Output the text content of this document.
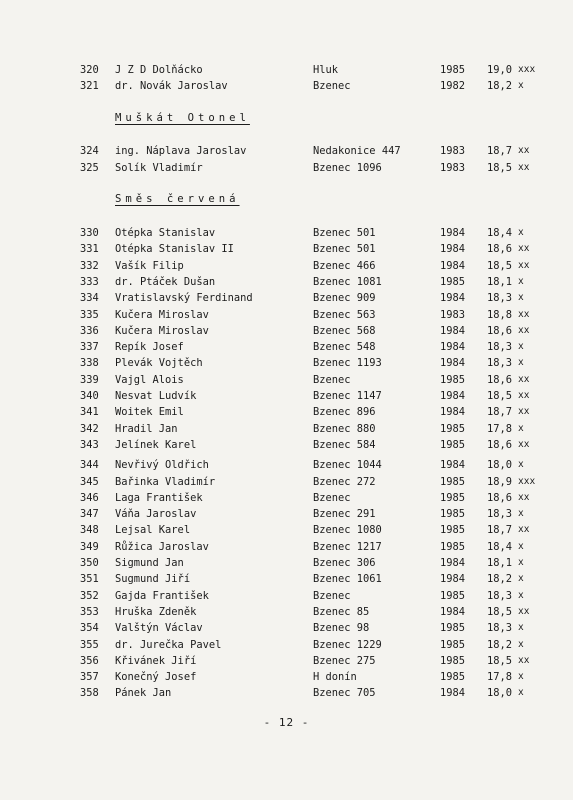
320 J Z D Dolňácko	Hluk	1985 19,0 xxx
321 dr. Novák Jaroslav	Bzenec	1982 18,2 x
Muškát Otonel
324 ing. Náplava Jaroslav	Nedakonice 447	1983 18,7 xx
325 Solík Vladimír	Bzenec 1096	1983 18,5 xx
Směs červená
330 Otépka Stanislav	Bzenec 501	1984 18,4 x
331 Otépka Stanislav II	Bzenec 501	1984 18,6 xx
332 Vašík Filip	Bzenec 466	1984 18,5 xx
333 dr. Ptáček Dušan	Bzenec 1081	1985 18,1 x
334 Vratislavský Ferdinand	Bzenec 909	1984 18,3 x
335 Kučera Miroslav	Bzenec 563	1983 18,8 xx
336 Kučera Miroslav	Bzenec 568	1984 18,6 xx
337 Repík Josef	Bzenec 548	1984 18,3 x
338 Plevák Vojtěch	Bzenec 1193	1984 18,3 x
339 Vajgl Alois	Bzenec	1985 18,6 xx
340 Nesvat Ludvík	Bzenec 1147	1984 18,5 xx
341 Woitek Emil	Bzenec 896	1984 18,7 xx
342 Hradil Jan	Bzenec 880	1985 17,8 x
343 Jelínek Karel	Bzenec 584	1985 18,6 xx
344 Nevřivý Oldřich	Bzenec 1044	1984 18,0 x
345 Bařinka Vladimír	Bzenec 272	1985 18,9 xxx
346 Laga František	Bzenec	1985 18,6 xx
347 Váňa Jaroslav	Bzenec 291	1985 18,3 x
348 Lejsal Karel	Bzenec 1080	1985 18,7 xx
349 Růžica Jaroslav	Bzenec 1217	1985 18,4 x
350 Sigmund Jan	Bzenec 306	1984 18,1 x
351 Sugmund Jiří	Bzenec 1061	1984 18,2 x
352 Gajda František	Bzenec	1985 18,3 x
353 Hruška Zdeněk	Bzenec 85	1984 18,5 xx
354 Valštýn Václav	Bzenec 98	1985 18,3 x
355 dr. Jurečka Pavel	Bzenec 1229	1985 18,2 x
356 Křivánek Jiří	Bzenec 275	1985 18,5 xx
357 Konečný Josef	H donín	1985 17,8 x
358 Pánek Jan	Bzenec 705	1984 18,0 x
- 12 -
